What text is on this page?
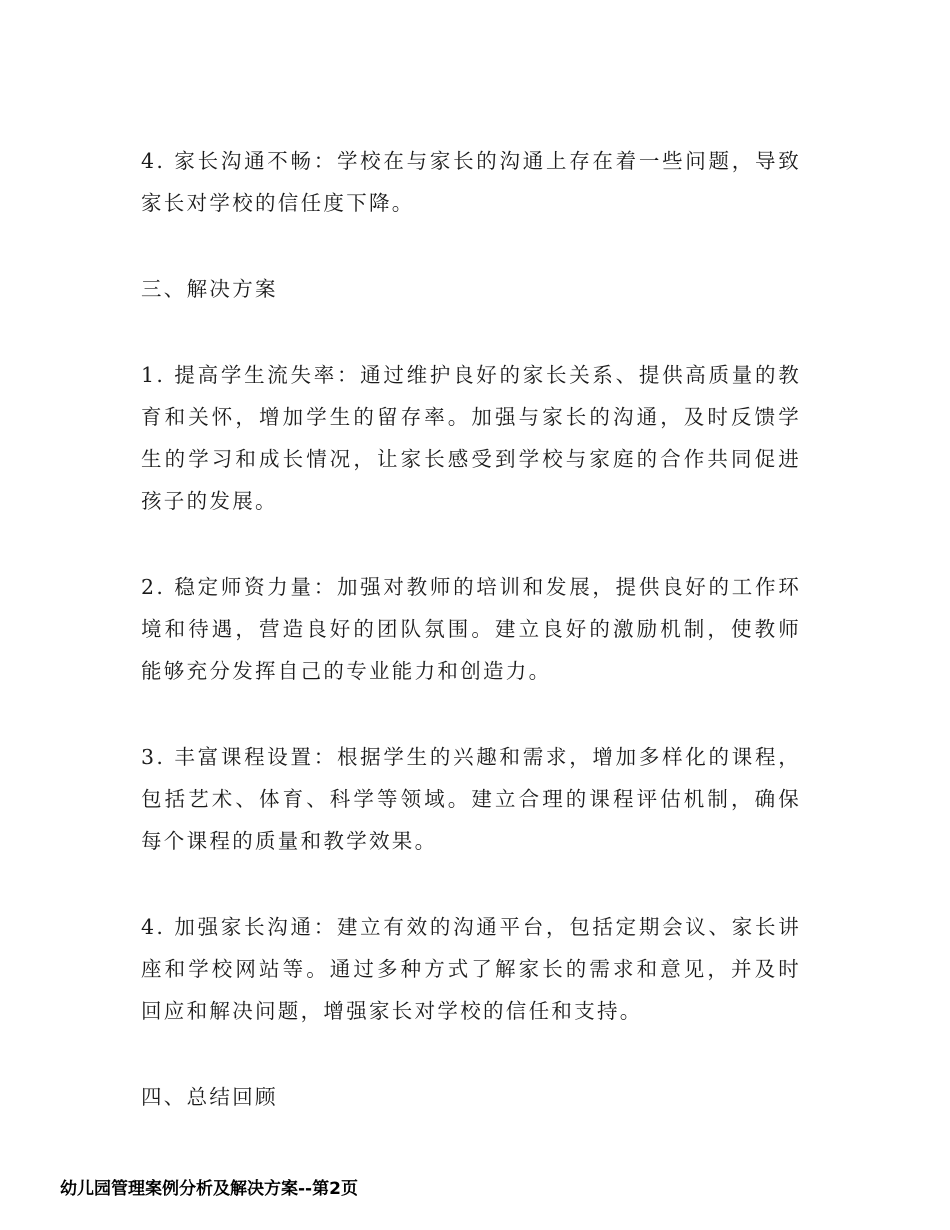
4. 家长沟通不畅：学校在与家长的沟通上存在着一些问题，导致家长对学校的信任度下降。

三、解决方案

1. 提高学生流失率：通过维护良好的家长关系、提供高质量的教育和关怀，增加学生的留存率。加强与家长的沟通，及时反馈学生的学习和成长情况，让家长感受到学校与家庭的合作共同促进孩子的发展。

2. 稳定师资力量：加强对教师的培训和发展，提供良好的工作环境和待遇，营造良好的团队氛围。建立良好的激励机制，使教师能够充分发挥自己的专业能力和创造力。

3. 丰富课程设置：根据学生的兴趣和需求，增加多样化的课程，包括艺术、体育、科学等领域。建立合理的课程评估机制，确保每个课程的质量和教学效果。

4. 加强家长沟通：建立有效的沟通平台，包括定期会议、家长讲座和学校网站等。通过多种方式了解家长的需求和意见，并及时回应和解决问题，增强家长对学校的信任和支持。

四、总结回顾

幼儿园管理案例分析及解决方案--第2页
